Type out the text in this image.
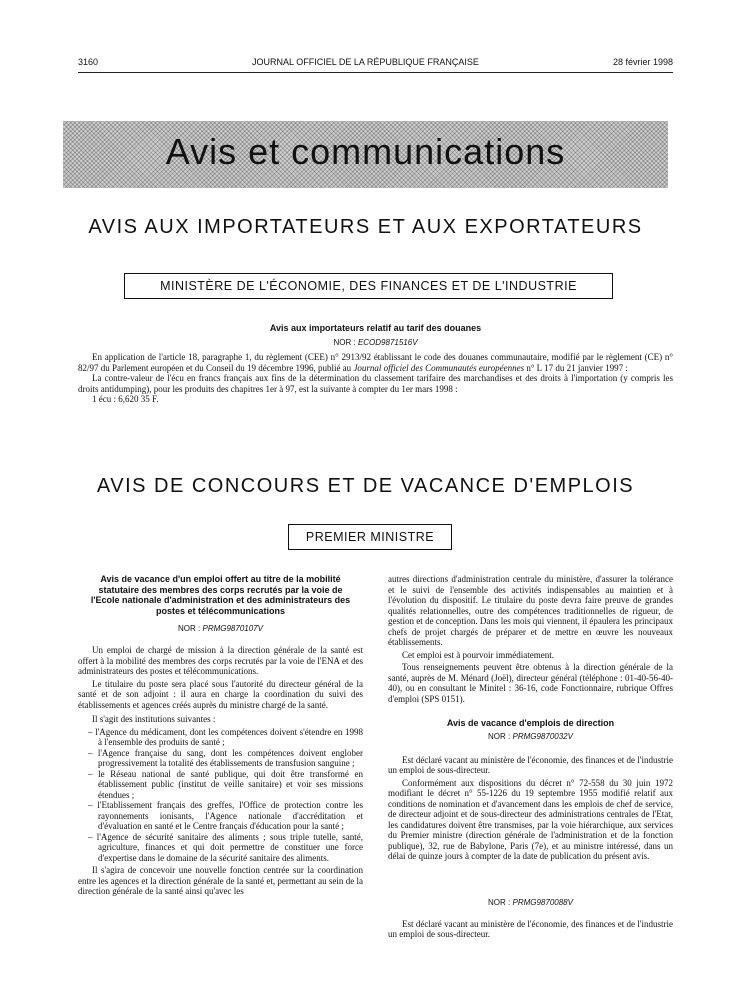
3160	JOURNAL OFFICIEL DE LA RÉPUBLIQUE FRANÇAISE	28 février 1998
Avis et communications
AVIS AUX IMPORTATEURS ET AUX EXPORTATEURS
MINISTÈRE DE L'ÉCONOMIE, DES FINANCES ET DE L'INDUSTRIE
Avis aux importateurs relatif au tarif des douanes
NOR : ECOD9871516V

En application de l'article 18, paragraphe 1, du règlement (CEE) n° 2913/92 établissant le code des douanes communautaire, modifié par le règlement (CE) n° 82/97 du Parlement européen et du Conseil du 19 décembre 1996, publié au Journal officiel des Communautés européennes n° L 17 du 21 janvier 1997 :

La contre-valeur de l'écu en francs français aux fins de la détermination du classement tarifaire des marchandises et des droits à l'importation (y compris les droits antidumping), pour les produits des chapitres 1er à 97, est la suivante à compter du 1er mars 1998 :

1 écu : 6,620 35 F.

AVIS DE CONCOURS ET DE VACANCE D'EMPLOIS
PREMIER MINISTRE
Avis de vacance d'un emploi offert au titre de la mobilité statutaire des membres des corps recrutés par la voie de l'Ecole nationale d'administration et des administrateurs des postes et télécommunications
NOR : PRMG9870107V

Un emploi de chargé de mission à la direction générale de la santé est offert à la mobilité des membres des corps recrutés par la voie de l'ENA et des administrateurs des postes et télécommunications.

Le titulaire du poste sera placé sous l'autorité du directeur général de la santé et de son adjoint : il aura en charge la coordination du suivi des établissements et agences créés auprès du ministre chargé de la santé.

Il s'agit des institutions suivantes :

– l'Agence du médicament, dont les compétences doivent s'étendre en 1998 à l'ensemble des produits de santé ;
– l'Agence française du sang, dont les compétences doivent englober progressivement la totalité des établissements de transfusion sanguine ;
– le Réseau national de santé publique, qui doit être transformé en établissement public (institut de veille sanitaire) et voir ses missions étendues ;
– l'Etablissement français des greffes, l'Office de protection contre les rayonnements ionisants, l'Agence nationale d'accréditation et d'évaluation en santé et le Centre français d'éducation pour la santé ;
– l'Agence de sécurité sanitaire des aliments ; sous triple tutelle, santé, agriculture, finances et qui doit permettre de constituer une force d'expertise dans le domaine de la sécurité sanitaire des aliments.

Il s'agira de concevoir une nouvelle fonction centrée sur la coordination entre les agences et la direction générale de la santé et, permettant au sein de la direction générale de la santé ainsi qu'avec les

autres directions d'administration centrale du ministère, d'assurer la tolérance et le suivi de l'ensemble des activités indispensables au maintien et à l'évolution du dispositif. Le titulaire du poste devra faire preuve de grandes qualités relationnelles, outre des compétences traditionnelles de rigueur, de gestion et de conception. Dans les mois qui viennent, il épaulera les principaux chefs de projet chargés de préparer et de mettre en œuvre les nouveaux établissements.

Cet emploi est à pourvoir immédiatement.

Tous renseignements peuvent être obtenus à la direction générale de la santé, auprès de M. Ménard (Joël), directeur général (téléphone : 01-40-56-40-40), ou en consultant le Minitel : 36-16, code Fonctionnaire, rubrique Offres d'emploi (SPS 0151).

Avis de vacance d'emplois de direction
NOR : PRMG9870032V

Est déclaré vacant au ministère de l'économie, des finances et de l'industrie un emploi de sous-directeur.

Conformément aux dispositions du décret n° 72-558 du 30 juin 1972 modifiant le décret n° 55-1226 du 19 septembre 1955 modifié relatif aux conditions de nomination et d'avancement dans les emplois de chef de service, de directeur adjoint et de sous-directeur des administrations centrales de l'Etat, les candidatures doivent être transmises, par la voie hiérarchique, aux services du Premier ministre (direction générale de l'administration et de la fonction publique), 32, rue de Babylone, Paris (7e), et au ministre intéressé, dans un délai de quinze jours à compter de la date de publication du présent avis.

NOR : PRMG9870088V

Est déclaré vacant au ministère de l'économie, des finances et de l'industrie un emploi de sous-directeur.
